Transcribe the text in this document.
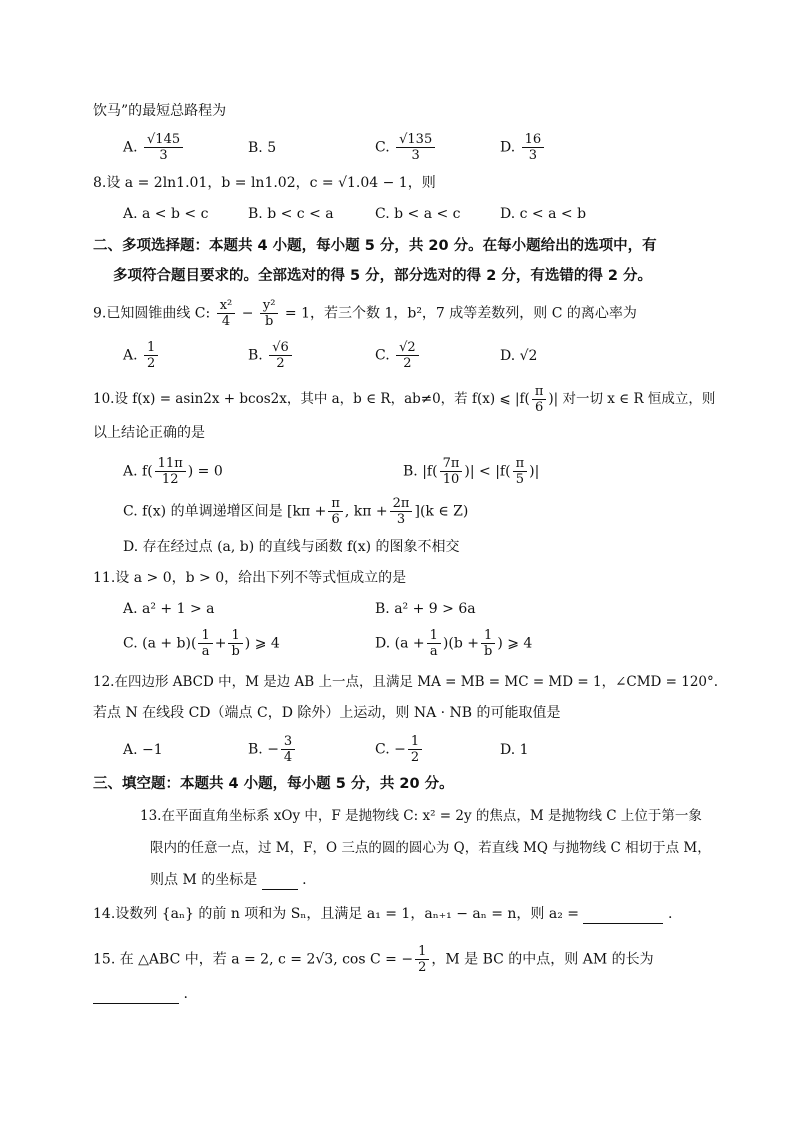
饮马”的最短总路程为
A. $\frac{√145}{3}$	B. 5	C. $\frac{√135}{3}$	D. $\frac{16}{3}$
8.设 a = 2ln1.01，b = ln1.02，c = √1.04 − 1，则
A. a < b < c	B. b < c < a	C. b < a < c	D. c < a < b
二、多项选择题：本题共 4 小题，每小题 5 分，共 20 分。在每小题给出的选项中，有
多项符合题目要求的。全部选对的得 5 分，部分选对的得 2 分，有选错的得 2 分。
9.已知圆锥曲线 C: $\frac{\text{x²}}{4} - \frac{\text{y²}}{b} = 1$，若三个数 1，b²，7 成等差数列，则 C 的离心率为
A. $\frac{1}{2}$	B. $\frac{√6}{2}$	C. $\frac{√2}{2}$	D. √2
10.设 f(x) = asin2x + bcos2x，其中 a，b ∈ R，ab≠0，若 f(x) ⩽ $|f( \frac{\pi}{6}$ )| 对一切 x ∈ R 恒成立，则
以上结论正确的是
A. $f( \frac{11\pi}{12}$ ) = 0	B. $|f( \frac{7\pi}{10}$ )| < $|f( \frac{\pi}{5}$ )|
C. f(x) 的单调递增区间是 [$k\pi + \frac{\pi}{6}$ , $k\pi + \frac{2\pi}{3} ](k$ ∈ Z)
D. 存在经过点 (a, b) 的直线与函数 f(x) 的图象不相交
11.设 a > 0，b > 0，给出下列不等式恒成立的是
A. a² + 1 > a	B. a² + 9 > 6a
C. $(a + b)( \frac{1}{a} + \frac{1}{b}$ ) ⩾ 4	D. $(a + \frac{1}{a} )(b + \frac{1}{b}$ ) ⩾ 4
12.在四边形 ABCD 中，M 是边 AB 上一点，且满足 MA = MB = MC = MD = 1，∠CMD = 120°.
若点 N 在线段 CD（端点 C，D 除外）上运动，则 NA · NB 的可能取值是
A. −1	B. − $\frac{3}{4}$	C. − $\frac{1}{2}$	D. 1
三、填空题：本题共 4 小题，每小题 5 分，共 20 分。
13.在平面直角坐标系 xOy 中，F 是抛物线 C: x² = 2y 的焦点，M 是抛物线 C 上位于第一象
限内的任意一点，过 M，F，O 三点的圆的圆心为 Q，若直线 MQ 与抛物线 C 相切于点 M，
则点 M 的坐标是	.
14.设数列 {aₙ} 的前 n 项和为 Sₙ，且满足 a₁ = 1，aₙ₊₁ − aₙ = n，则 a₂ =	.
15. 在 △ABC 中，若 a = 2, c = 2√3, cos C = − $\frac{1}{2}$ ，M 是 BC 的中点，则 AM 的长为
.
